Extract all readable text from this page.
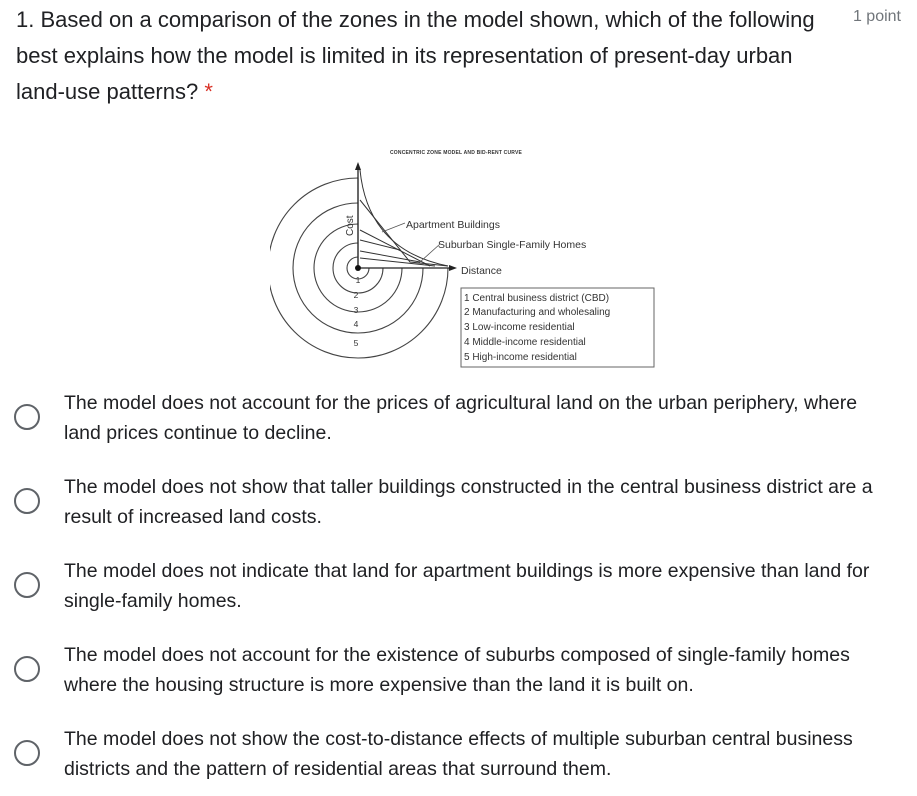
1. Based on a comparison of the zones in the model shown, which of the following best explains how the model is limited in its representation of present-day urban land-use patterns? *
1 point
CONCENTRIC ZONE MODEL AND BID-RENT CURVE
Cost	Apartment Buildings
Suburban Single-Family Homes
Distance
1
2
3
4
5
1 Central business district (CBD)
2 Manufacturing and wholesaling
3 Low-income residential
4 Middle-income residential
5 High-income residential
The model does not account for the prices of agricultural land on the urban periphery, where land prices continue to decline.
The model does not show that taller buildings constructed in the central business district are a result of increased land costs.
The model does not indicate that land for apartment buildings is more expensive than land for single-family homes.
The model does not account for the existence of suburbs composed of single-family homes where the housing structure is more expensive than the land it is built on.
The model does not show the cost-to-distance effects of multiple suburban central business districts and the pattern of residential areas that surround them.
